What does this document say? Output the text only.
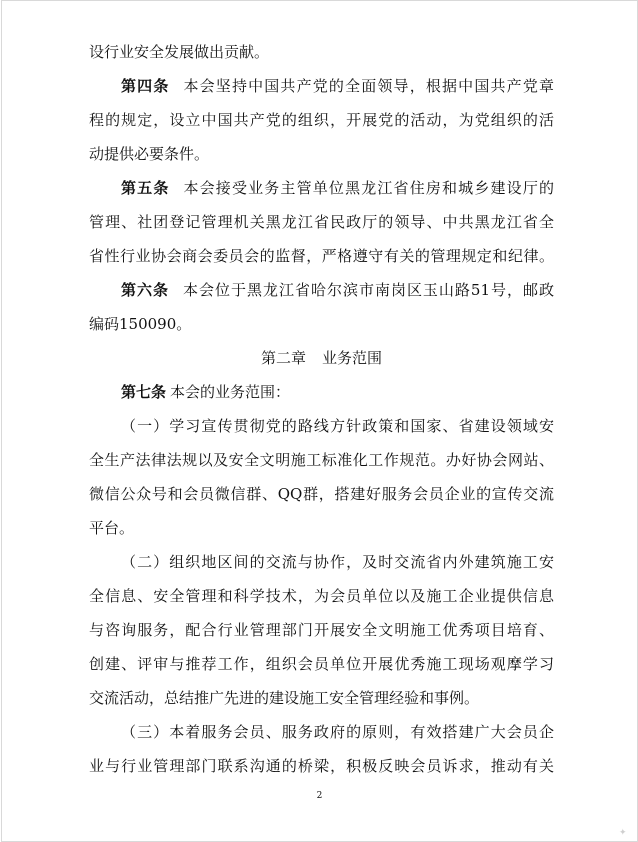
设行业安全发展做出贡献。
第四条 本会坚持中国共产党的全面领导，根据中国共产党章
程的规定，设立中国共产党的组织，开展党的活动，为党组织的活
动提供必要条件。
第五条 本会接受业务主管单位黑龙江省住房和城乡建设厅的
管理、社团登记管理机关黑龙江省民政厅的领导、中共黑龙江省全
省性行业协会商会委员会的监督，严格遵守有关的管理规定和纪律。
第六条 本会位于黑龙江省哈尔滨市南岗区玉山路51号，邮政
编码150090。
第二章 业务范围
第七条 本会的业务范围：
（一）学习宣传贯彻党的路线方针政策和国家、省建设领域安
全生产法律法规以及安全文明施工标准化工作规范。办好协会网站、
微信公众号和会员微信群、QQ群，搭建好服务会员企业的宣传交流
平台。
（二）组织地区间的交流与协作，及时交流省内外建筑施工安
全信息、安全管理和科学技术，为会员单位以及施工企业提供信息
与咨询服务，配合行业管理部门开展安全文明施工优秀项目培育、
创建、评审与推荐工作，组织会员单位开展优秀施工现场观摩学习
交流活动，总结推广先进的建设施工安全管理经验和事例。
（三）本着服务会员、服务政府的原则，有效搭建广大会员企
业与行业管理部门联系沟通的桥梁，积极反映会员诉求，推动有关
2
✦
